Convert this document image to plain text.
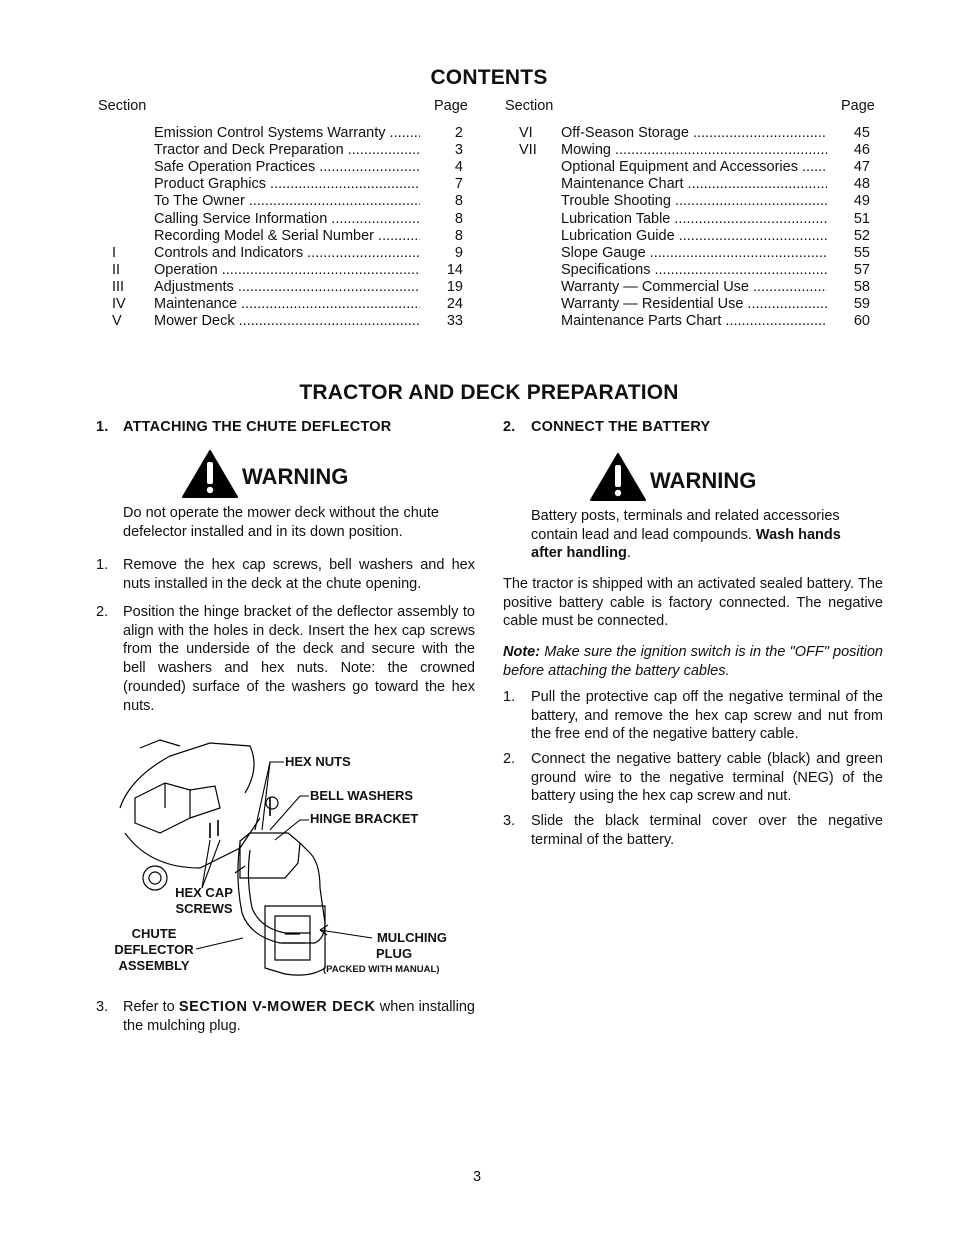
CONTENTS
Section	Page	Section	Page
Emission Control Systems Warranty .....	2
Tractor and Deck Preparation .....	3
Safe Operation Practices .....	4
Product Graphics .....	7
To The Owner .....	8
Calling Service Information .....	8
Recording Model & Serial Number .....	8
I	Controls and Indicators .....	9
II Operation .....	14
III Adjustments .....	19
IV Maintenance .....	24
V Mower Deck .....	33
VI Off-Season Storage .....	45
VII Mowing .....	46
Optional Equipment and Accessories .....	47
Maintenance Chart .....	48
Trouble Shooting .....	49
Lubrication Table .....	51
Lubrication Guide .....	52
Slope Gauge .....	55
Specifications .....	57
Warranty — Commercial Use .....	58
Warranty — Residential Use .....	59
Maintenance Parts Chart .....	60
TRACTOR AND DECK PREPARATION
1. ATTACHING THE CHUTE DEFLECTOR
WARNING
Do not operate the mower deck without the chute defelector installed and in its down position.
1. Remove the hex cap screws, bell washers and hex nuts installed in the deck at the chute opening.
2. Position the hinge bracket of the deflector assembly to align with the holes in deck. Insert the hex cap screws from the underside of the deck and secure with the bell washers and hex nuts. Note: the crowned (rounded) surface of the washers go toward the hex nuts.
HEX NUTS
BELL WASHERS
HINGE BRACKET
HEX CAP
SCREWS
CHUTE
DEFLECTOR
ASSEMBLY
MULCHING
PLUG
(PACKED WITH MANUAL)
3. Refer to SECTION V-MOWER DECK when installing the mulching plug.
2. CONNECT THE BATTERY
WARNING
Battery posts, terminals and related accessories contain lead and lead compounds. Wash hands after handling.
The tractor is shipped with an activated sealed battery. The positive battery cable is factory connected. The negative cable must be connected.
Note: Make sure the ignition switch is in the "OFF" position before attaching the battery cables.
1. Pull the protective cap off the negative terminal of the battery, and remove the hex cap screw and nut from the free end of the negative battery cable.
2. Connect the negative battery cable (black) and green ground wire to the negative terminal (NEG) of the battery using the hex cap screw and nut.
3. Slide the black terminal cover over the negative terminal of the battery.
3
